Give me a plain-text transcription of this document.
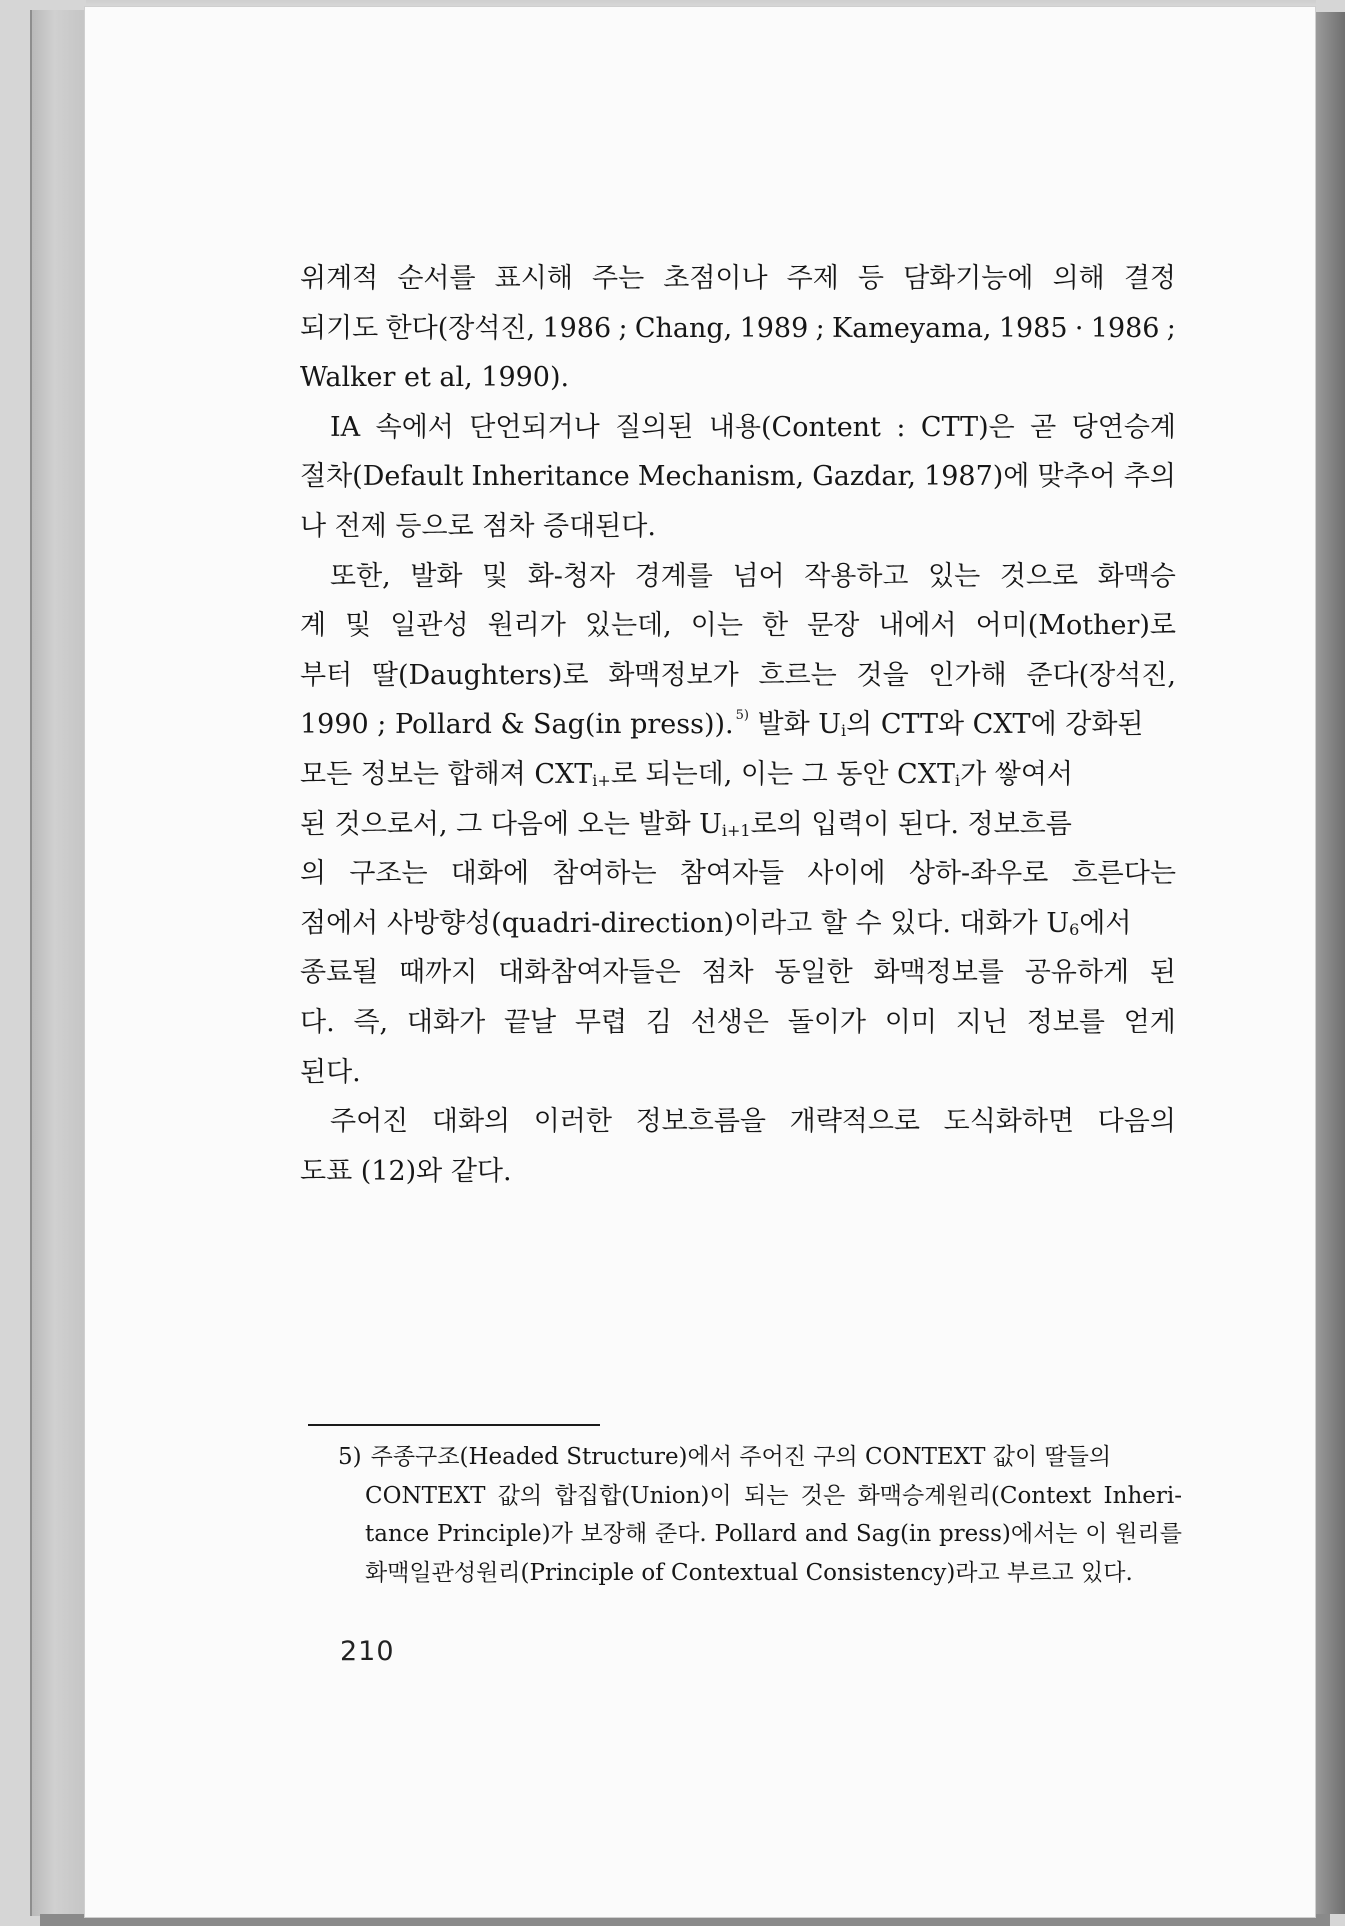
위계적 순서를 표시해 주는 초점이나 주제 등 담화기능에 의해 결정
되기도 한다(장석진, 1986 ; Chang, 1989 ; Kameyama, 1985 · 1986 ;
Walker et al, 1990).
IA 속에서 단언되거나 질의된 내용(Content : CTT)은 곧 당연승계
절차(Default Inheritance Mechanism, Gazdar, 1987)에 맞추어 추의
나 전제 등으로 점차 증대된다.
또한, 발화 및 화-청자 경계를 넘어 작용하고 있는 것으로 화맥승
계 및 일관성 원리가 있는데, 이는 한 문장 내에서 어미(Mother)로
부터 딸(Daughters)로 화맥정보가 흐르는 것을 인가해 준다(장석진,
1990 ; Pollard & Sag(in press)). $^{5)}$ 발화 $U_i$의 CTT와 CXT에 강화된
모든 정보는 합해져 $CXT_{i+}$로 되는데, 이는 그 동안 $CXT_i$가 쌓여서
된 것으로서, 그 다음에 오는 발화 $U_{i+1}$로의 입력이 된다. 정보흐름
의 구조는 대화에 참여하는 참여자들 사이에 상하-좌우로 흐른다는
점에서 사방향성(quadri-direction)이라고 할 수 있다. 대화가 $U_6$에서
종료될 때까지 대화참여자들은 점차 동일한 화맥정보를 공유하게 된
다. 즉, 대화가 끝날 무렵 김 선생은 돌이가 이미 지닌 정보를 얻게
된다.
주어진 대화의 이러한 정보흐름을 개략적으로 도식화하면 다음의
도표 (12)와 같다.
5) 주종구조(Headed Structure)에서 주어진 구의 CONTEXT 값이 딸들의
CONTEXT 값의 합집합(Union)이 되는 것은 화맥승계원리(Context Inheri-
tance Principle)가 보장해 준다. Pollard and Sag(in press)에서는 이 원리를
화맥일관성원리(Principle of Contextual Consistency)라고 부르고 있다.
210
